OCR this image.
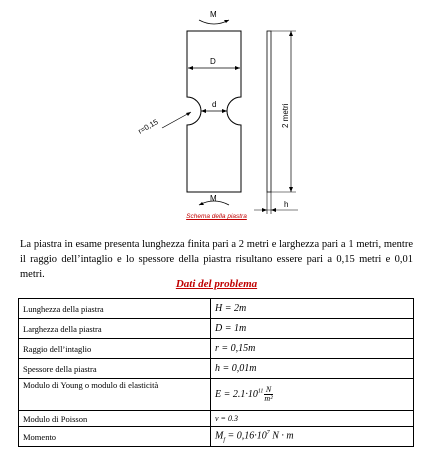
M
M
D
d
r=0,15	2 metri
h
Schema della piastra
La piastra in esame presenta lunghezza finita pari a 2 metri e larghezza pari a 1 metri, mentre il raggio dell’intaglio e lo spessore della piastra risultano essere pari a 0,15 metri e 0,01 metri.
Dati del problema
Lunghezza della piastra	H = 2m
Larghezza della piastra	D = 1m
Raggio dell’intaglio	r = 0,15m
Spessore della piastra	h = 0,01m
Modulo di Young o modulo di elasticità	$E = 2.1\cdot 10^{11} \frac{N}{\text{m²}}$

Modulo di Poisson	ν = 0.3
Momento	$M_f = 0,16\cdot 10^7$ N · m
